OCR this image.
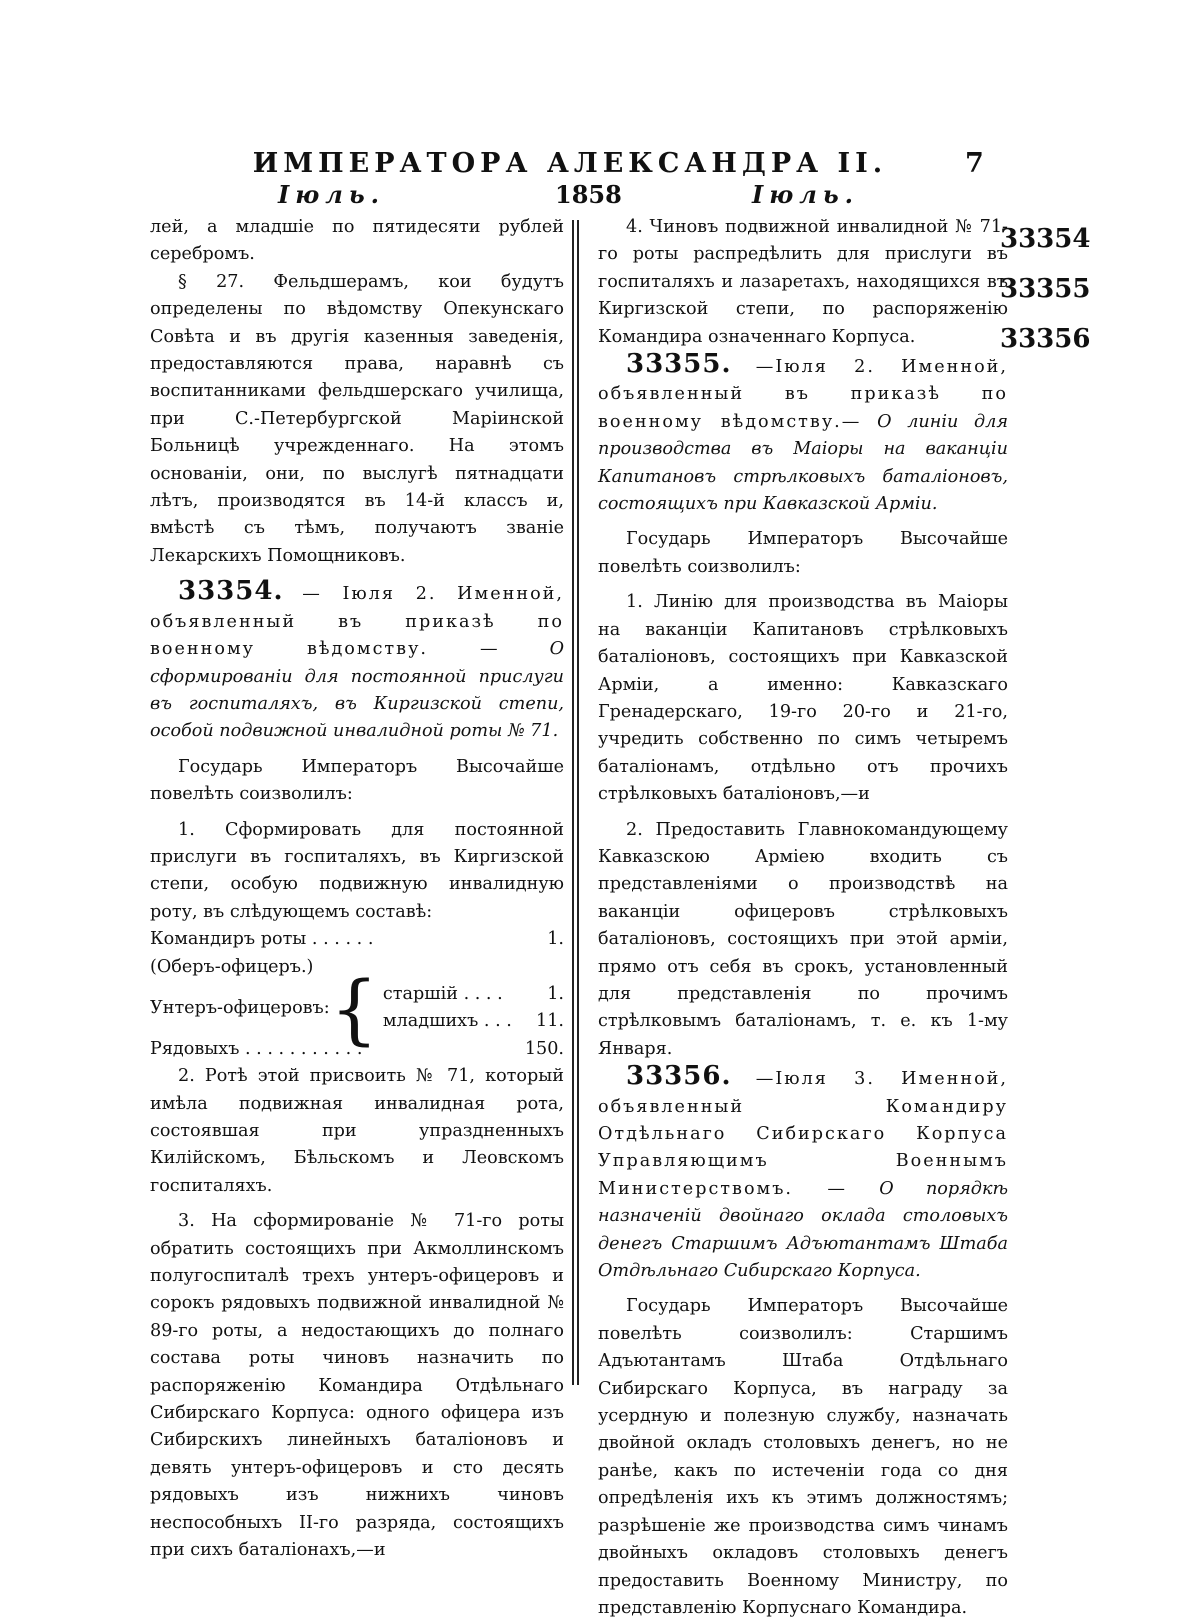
ИМПЕРАТОРА АЛЕКСАНДРА II.	7
Іюль.	1858	Іюль.

лей, а младшіе по пятидесяти рублей серебромъ.

§ 27. Фельдшерамъ, кои будутъ определены по вѣдомству Опекунскаго Совѣта и въ другія казенныя заведенія, предоставляются права, наравнѣ съ воспитанниками фельдшерскаго училища, при С.-Петербургской Маріинской Больницѣ учрежденнаго. На этомъ основаніи, они, по выслугѣ пятнадцати лѣтъ, производятся въ 14-й классъ и, вмѣстѣ съ тѣмъ, получаютъ званіе Лекарскихъ Помощниковъ.

33354. — Іюля 2. Именной, объявленный въ приказѣ по военному вѣдомству. —	О сформированіи для постоянной прислуги въ госпиталяхъ, въ Киргизской степи, особой подвижной инвалидной роты № 71.

Государь Императоръ Высочайше повелѣть соизволилъ:

1. Сформировать для постоянной прислуги въ госпиталяхъ, въ Киргизской степи, особую подвижную инвалидную роту, въ слѣдующемъ составѣ:

Командиръ роты . . . . . .			1.
(Оберъ-офицеръ.)			
Унтеръ-офицеровъ:	{	старшій . . . .	1.
		младшихъ . . .	11.
Рядовыхъ . . . . . . . . . . .			150.

2. Ротѣ этой присвоить № 71, который имѣла подвижная инвалидная рота, состоявшая при упраздненныхъ Килійскомъ, Бѣльскомъ и Леовскомъ госпиталяхъ.

3. На сформированіе № 71-го роты обратить состоящихъ при Акмоллинскомъ полугоспиталѣ трехъ унтеръ-офицеровъ и сорокъ рядовыхъ подвижной инвалидной № 89-го роты, а недостающихъ до полнаго состава роты чиновъ назначить по распоряженію Командира Отдѣльнаго Сибирскаго Корпуса: одного офицера изъ Сибирскихъ линейныхъ баталіоновъ и девять унтеръ-офицеровъ и сто десять рядовыхъ изъ нижнихъ чиновъ неспособныхъ II-го разряда, состоящихъ при сихъ баталіонахъ,—и

4. Чиновъ подвижной инвалидной № 71-го роты распредѣлить для прислуги въ госпиталяхъ и лазаретахъ, находящихся въ Киргизской степи, по распоряженію Командира означеннаго Корпуса.

33355. —Іюля 2. Именной, объявленный въ приказѣ по военному вѣдомству.— О линіи для производства въ Маіоры на ваканціи Капитановъ стрѣлковыхъ баталіоновъ, состоящихъ при Кавказской Арміи.

Государь Императоръ Высочайше повелѣть соизволилъ:

1. Линію для производства въ Маіоры на ваканціи Капитановъ стрѣлковыхъ баталіоновъ, состоящихъ при Кавказской Арміи, а именно: Кавказскаго Гренадерскаго, 19-го 20-го и 21-го, учредить собственно по симъ четыремъ баталіонамъ, отдѣльно отъ прочихъ стрѣлковыхъ баталіоновъ,—и

2. Предоставить Главнокомандующему Кавказскою Арміею входить съ представленіями о производствѣ на ваканціи офицеровъ стрѣлковыхъ баталіоновъ, состоящихъ при этой арміи, прямо отъ себя въ срокъ, установленный для представленія по прочимъ стрѣлковымъ баталіонамъ, т. е. къ 1-му Января.

33356. —Іюля 3. Именной, объявленный Командиру Отдѣльнаго Сибирскаго Корпуса Управляющимъ Военнымъ Министерствомъ. — О порядкѣ назначеній двойнаго оклада столовыхъ денегъ Старшимъ Адъютантамъ Штаба Отдѣльнаго Сибирскаго Корпуса.

Государь Императоръ Высочайше повелѣть соизволилъ: Старшимъ Адъютантамъ Штаба Отдѣльнаго Сибирскаго Корпуса, въ награду за усердную и полезную службу, назначать двойной окладъ столовыхъ денегъ, но не ранѣе, какъ по истеченіи года со дня опредѣленія ихъ къ этимъ должностямъ; разрѣшеніе же производства симъ чинамъ двойныхъ окладовъ столовыхъ денегъ предоставить Военному Министру, по представленію Корпуснаго Командира.

33354
33355
33356
